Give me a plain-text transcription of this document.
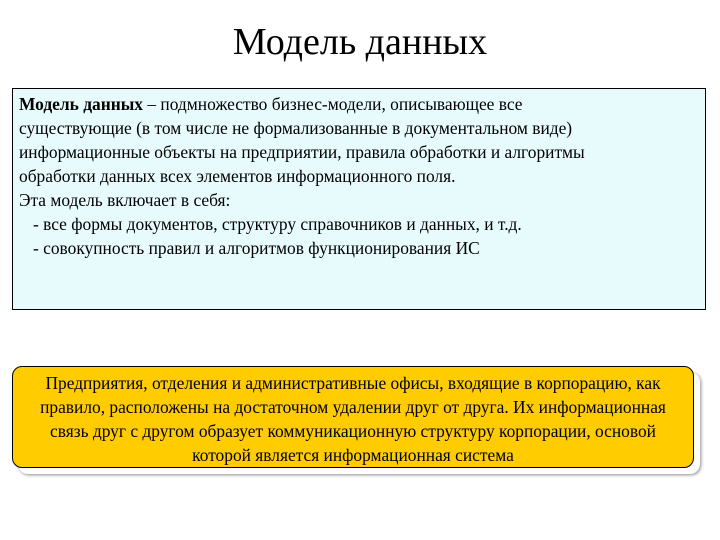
Модель данных

Модель данных – подмножество бизнес-модели, описывающее все

существующие (в том числе не формализованные в документальном виде)

информационные объекты на предприятии, правила обработки и алгоритмы

обработки данных всех элементов информационного поля.

Эта модель включает в себя:

- все формы документов, структуру справочников и данных, и т.д.

- совокупность правил и алгоритмов функционирования ИС

Предприятия, отделения и административные офисы, входящие в корпорацию, как правило, расположены на достаточном удалении друг от друга. Их информационная связь друг с другом образует коммуникационную структуру корпорации, основой которой является информационная система
